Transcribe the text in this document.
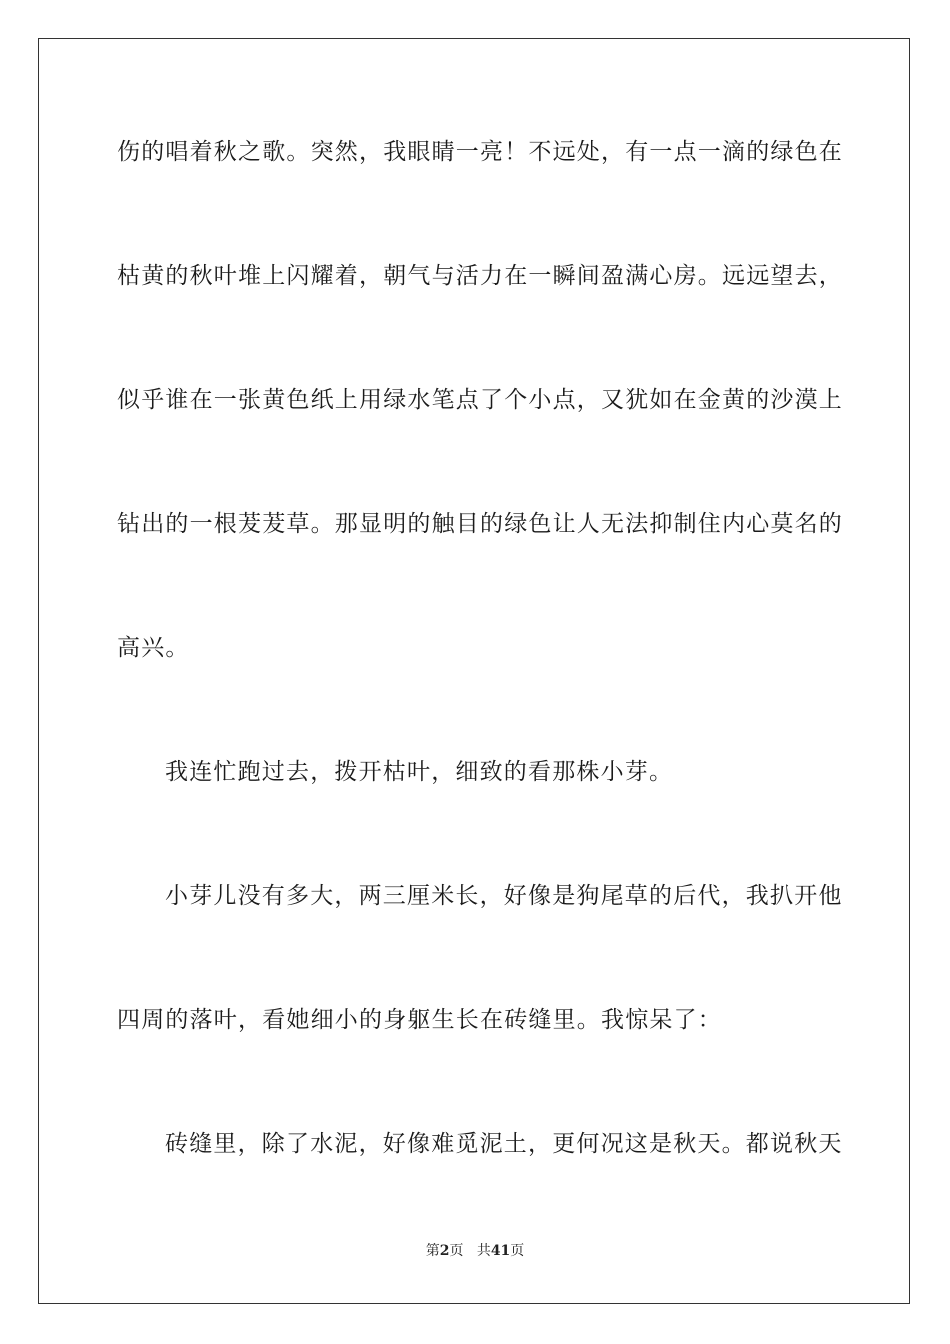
伤的唱着秋之歌。突然，我眼睛一亮！不远处，有一点一滴的绿色在
枯黄的秋叶堆上闪耀着，朝气与活力在一瞬间盈满心房。远远望去，
似乎谁在一张黄色纸上用绿水笔点了个小点，又犹如在金黄的沙漠上
钻出的一根茇茇草。那显明的触目的绿色让人无法抑制住内心莫名的
高兴。
我连忙跑过去，拨开枯叶，细致的看那株小芽。
小芽儿没有多大，两三厘米长，好像是狗尾草的后代，我扒开他
四周的落叶，看她细小的身躯生长在砖缝里。我惊呆了：
砖缝里，除了水泥，好像难觅泥土，更何况这是秋天。都说秋天
第2页 共41页
